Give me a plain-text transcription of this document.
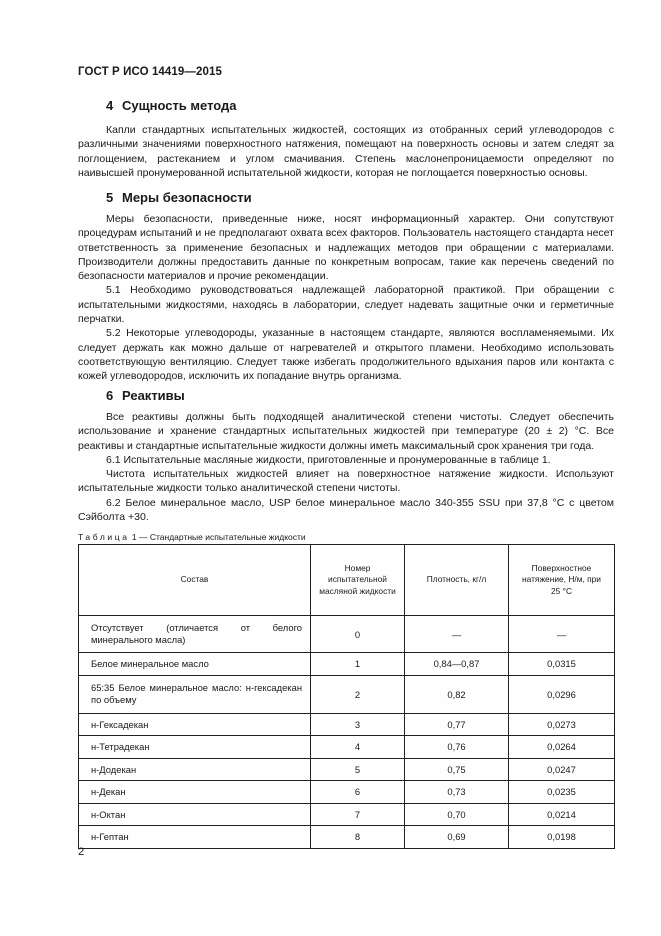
ГОСТ Р ИСО 14419—2015
4 Сущность метода

Капли стандартных испытательных жидкостей, состоящих из отобранных серий углеводородов с различными значениями поверхностного натяжения, помещают на поверхность основы и затем следят за поглощением, растеканием и углом смачивания. Степень маслонепроницаемости определяют по наивысшей пронумерованной испытательной жидкости, которая не поглощается поверхностью основы.

5 Меры безопасности

Меры безопасности, приведенные ниже, носят информационный характер. Они сопутствуют процедурам испытаний и не предполагают охвата всех факторов. Пользователь настоящего стандарта несет ответственность за применение безопасных и надлежащих методов при обращении с материалами. Производители должны предоставить данные по конкретным вопросам, такие как перечень сведений по безопасности материалов и прочие рекомендации.

5.1 Необходимо руководствоваться надлежащей лабораторной практикой. При обращении с испытательными жидкостями, находясь в лаборатории, следует надевать защитные очки и герметичные перчатки.

5.2 Некоторые углеводороды, указанные в настоящем стандарте, являются воспламеняемыми. Их следует держать как можно дальше от нагревателей и открытого пламени. Необходимо использовать соответствующую вентиляцию. Следует также избегать продолжительного вдыхания паров или контакта с кожей углеводородов, исключить их попадание внутрь организма.

6 Реактивы

Все реактивы должны быть подходящей аналитической степени чистоты. Следует обеспечить использование и хранение стандартных испытательных жидкостей при температуре (20 ± 2) °С. Все реактивы и стандартные испытательные жидкости должны иметь максимальный срок хранения три года.

6.1 Испытательные масляные жидкости, приготовленные и пронумерованные в таблице 1.

Чистота испытательных жидкостей влияет на поверхностное натяжение жидкости. Используют испытательные жидкости только аналитической степени чистоты.

6.2 Белое минеральное масло, USP белое минеральное масло 340-355 SSU при 37,8 °С с цветом Сэйболта +30.

Таблица 1 — Стандартные испытательные жидкости
Состав	Номер испытательной масляной жидкости	Плотность, кг/л	Поверхностное натяжение, Н/м, при 25 °С
Отсутствует (отличается от белого минерального масла)	0	—	—
Белое минеральное масло	1	0,84—0,87	0,0315
65:35 Белое минеральное масло: н-гексадекан по объему	2	0,82	0,0296
н-Гексадекан	3	0,77	0,0273
н-Тетрадекан	4	0,76	0,0264
н-Додекан	5	0,75	0,0247
н-Декан	6	0,73	0,0235
н-Октан	7	0,70	0,0214
н-Гептан	8	0,69	0,0198
2
